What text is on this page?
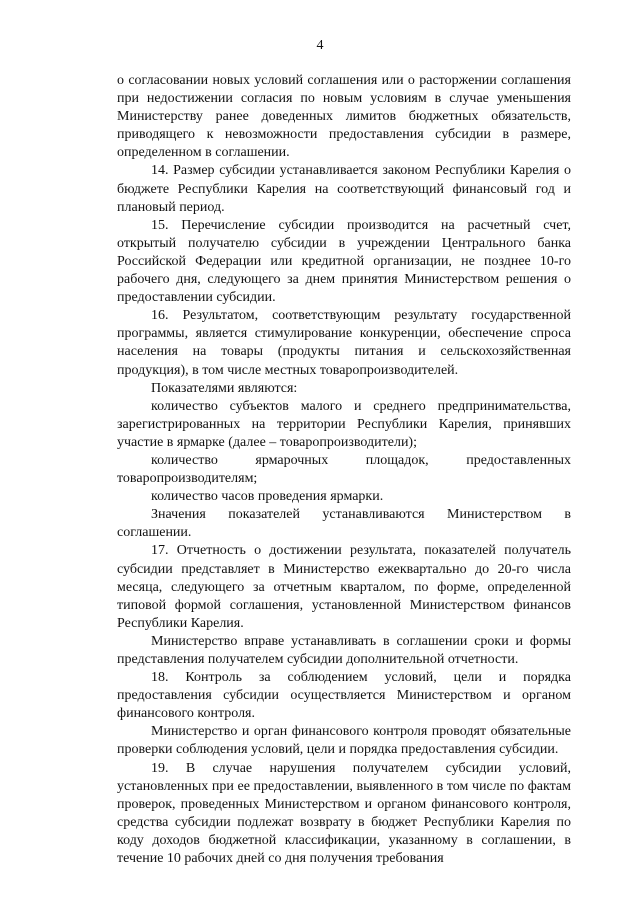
4

о согласовании новых условий соглашения или о расторжении соглашения при недостижении согласия по новым условиям в случае уменьшения Министерству ранее доведенных лимитов бюджетных обязательств, приводящего к невозможности предоставления субсидии в размере, определенном в соглашении.

14. Размер субсидии устанавливается законом Республики Карелия о бюджете Республики Карелия на соответствующий финансовый год и плановый период.

15. Перечисление субсидии производится на расчетный счет, открытый получателю субсидии в учреждении Центрального банка Российской Федерации или кредитной организации, не позднее 10-го рабочего дня, следующего за днем принятия Министерством решения о предоставлении субсидии.

16. Результатом, соответствующим результату государственной программы, является стимулирование конкуренции, обеспечение спроса населения на товары (продукты питания и сельскохозяйственная продукция), в том числе местных товаропроизводителей.

Показателями являются:

количество субъектов малого и среднего предпринимательства, зарегистрированных на территории Республики Карелия, принявших участие в ярмарке (далее – товаропроизводители);

количество ярмарочных площадок, предоставленных товаропроизводителям;

количество часов проведения ярмарки.

Значения показателей устанавливаются Министерством в соглашении.

17. Отчетность о достижении результата, показателей получатель субсидии представляет в Министерство ежеквартально до 20-го числа месяца, следующего за отчетным кварталом, по форме, определенной типовой формой соглашения, установленной Министерством финансов Республики Карелия.

Министерство вправе устанавливать в соглашении сроки и формы представления получателем субсидии дополнительной отчетности.

18. Контроль за соблюдением условий, цели и порядка предоставления субсидии осуществляется Министерством и органом финансового контроля.

Министерство и орган финансового контроля проводят обязательные проверки соблюдения условий, цели и порядка предоставления субсидии.

19. В случае нарушения получателем субсидии условий, установленных при ее предоставлении, выявленного в том числе по фактам проверок, проведенных Министерством и органом финансового контроля, средства субсидии подлежат возврату в бюджет Республики Карелия по коду доходов бюджетной классификации, указанному в соглашении, в течение 10 рабочих дней со дня получения требования
